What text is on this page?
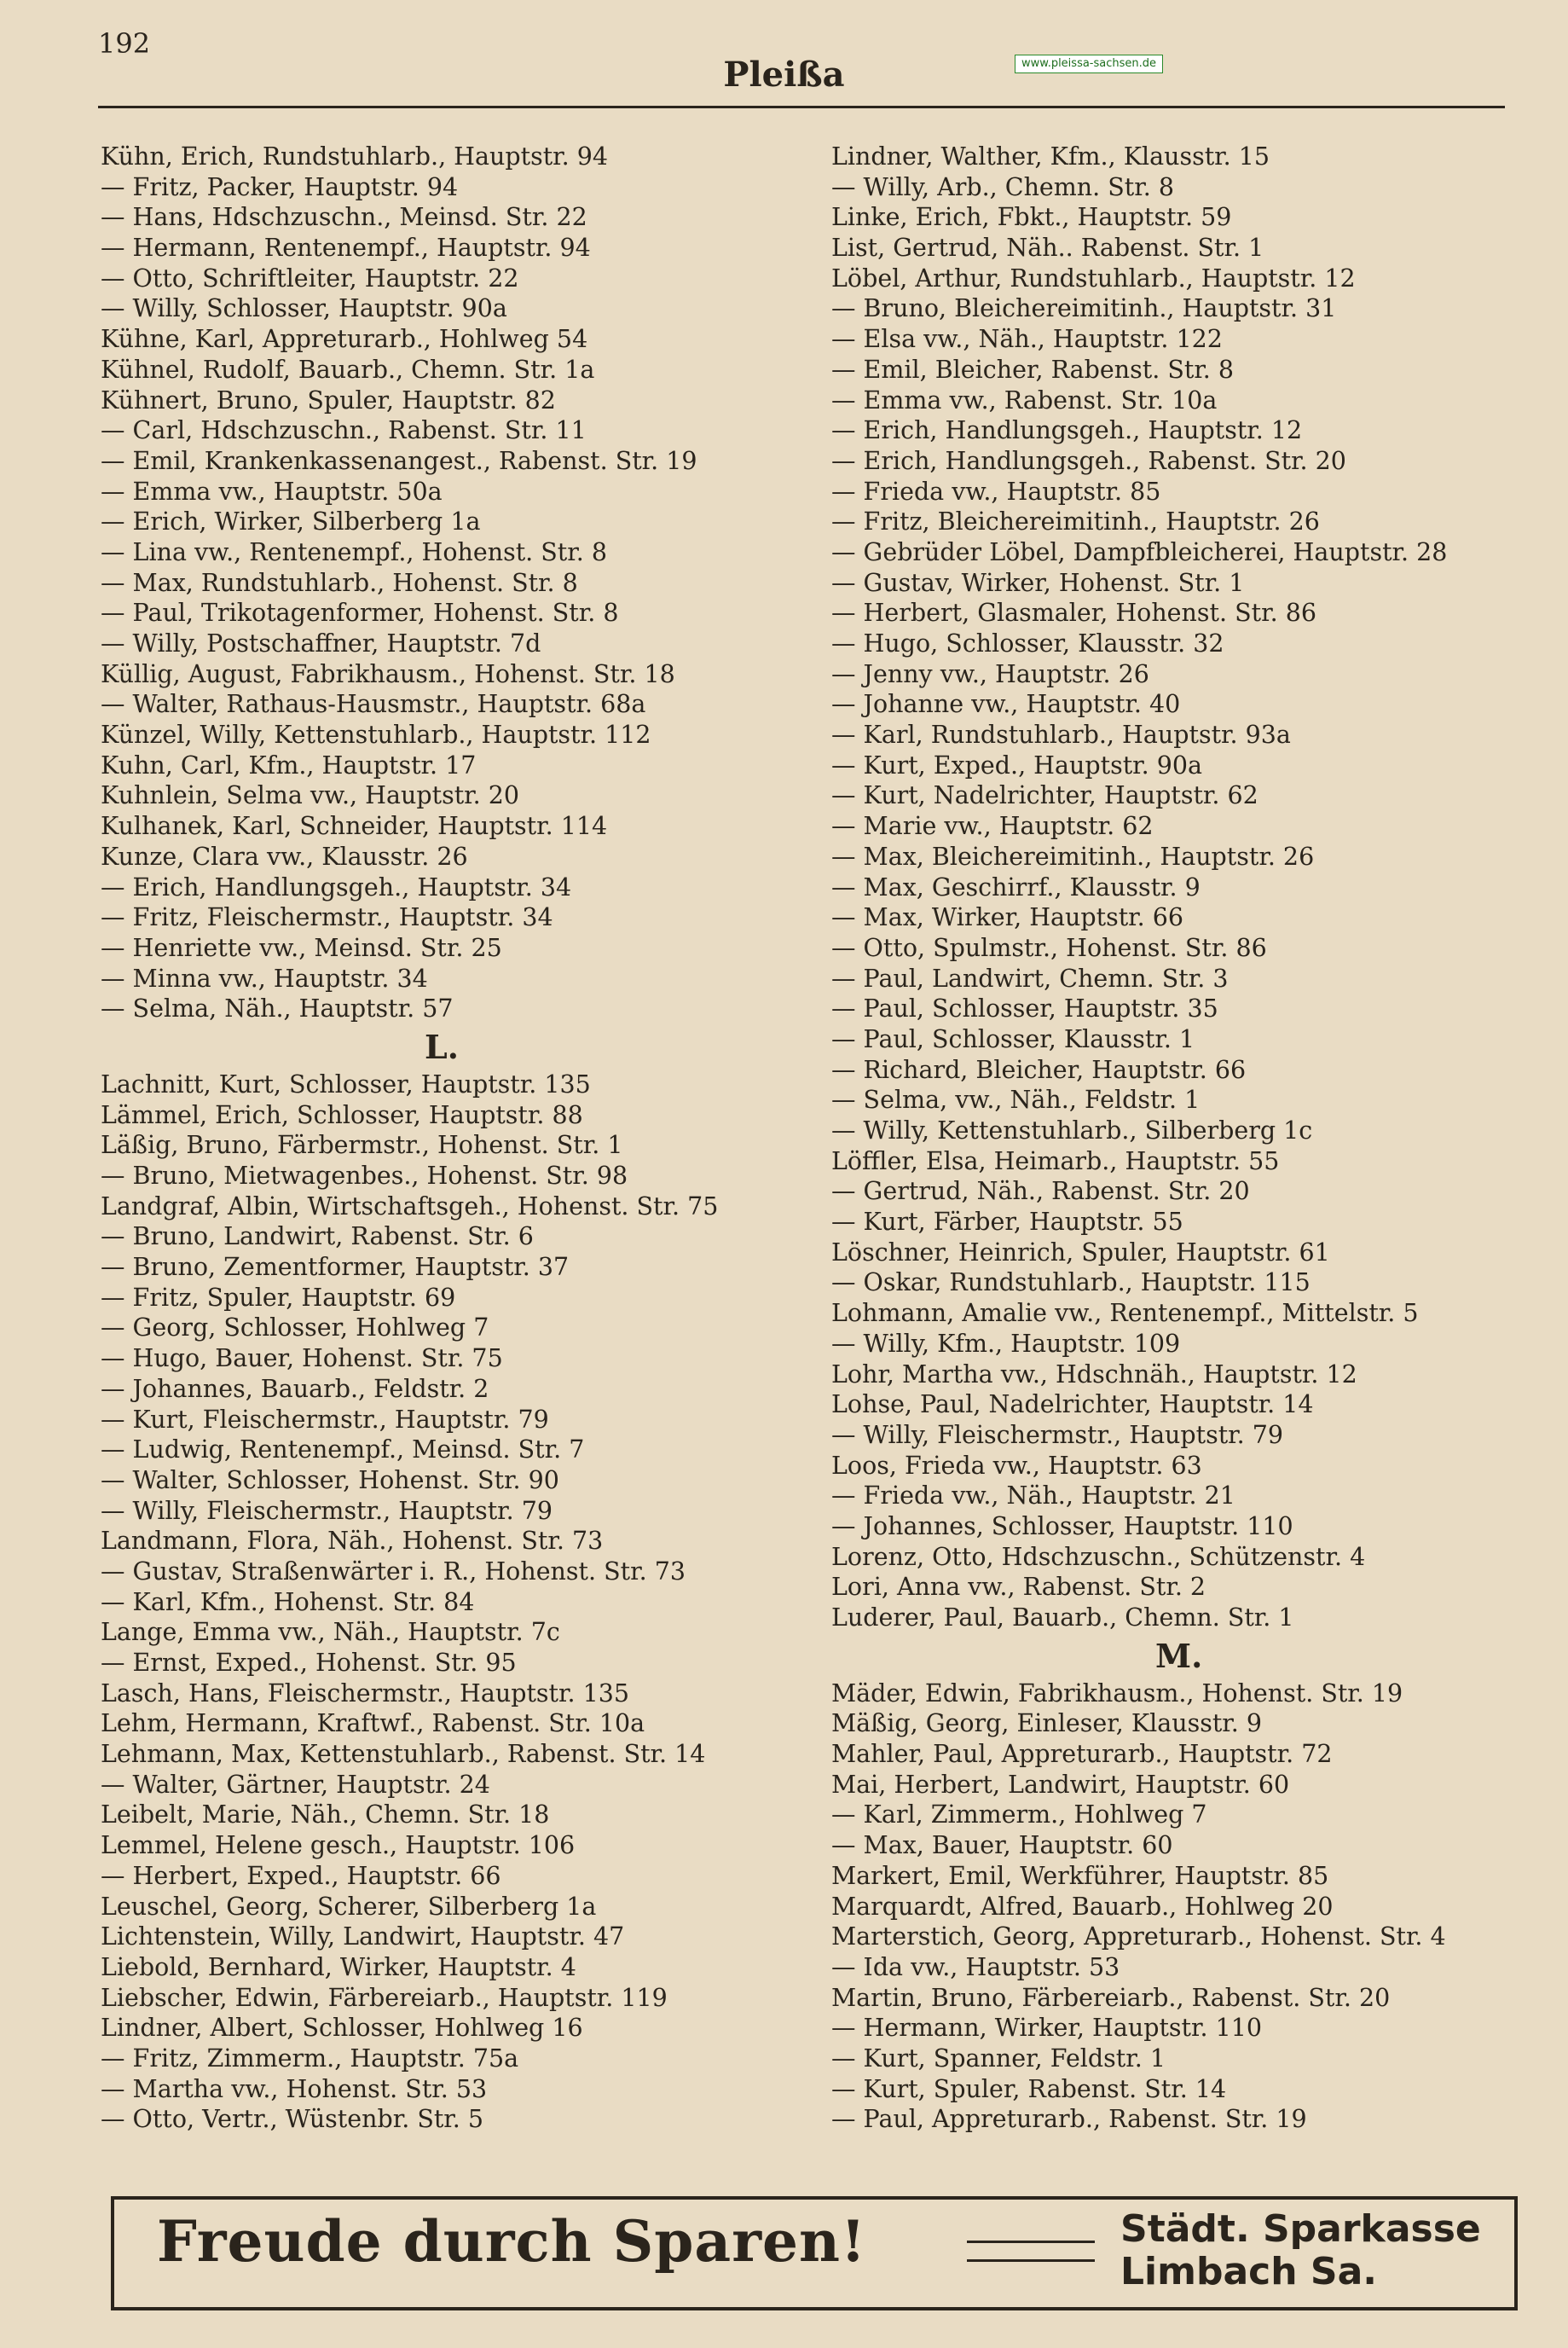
192
Pleißa	www.pleissa-sachsen.de
Kühn, Erich, Rundstuhlarb., Hauptstr. 94
— Fritz, Packer, Hauptstr. 94
— Hans, Hdschzuschn., Meinsd. Str. 22
— Hermann, Rentenempf., Hauptstr. 94
— Otto, Schriftleiter, Hauptstr. 22
— Willy, Schlosser, Hauptstr. 90a
Kühne, Karl, Appreturarb., Hohlweg 54
Kühnel, Rudolf, Bauarb., Chemn. Str. 1a
Kühnert, Bruno, Spuler, Hauptstr. 82
— Carl, Hdschzuschn., Rabenst. Str. 11
— Emil, Krankenkassenangest., Rabenst. Str. 19
— Emma vw., Hauptstr. 50a
— Erich, Wirker, Silberberg 1a
— Lina vw., Rentenempf., Hohenst. Str. 8
— Max, Rundstuhlarb., Hohenst. Str. 8
— Paul, Trikotagenformer, Hohenst. Str. 8
— Willy, Postschaffner, Hauptstr. 7d
Küllig, August, Fabrikhausm., Hohenst. Str. 18
— Walter, Rathaus-Hausmstr., Hauptstr. 68a
Künzel, Willy, Kettenstuhlarb., Hauptstr. 112
Kuhn, Carl, Kfm., Hauptstr. 17
Kuhnlein, Selma vw., Hauptstr. 20
Kulhanek, Karl, Schneider, Hauptstr. 114
Kunze, Clara vw., Klausstr. 26
— Erich, Handlungsgeh., Hauptstr. 34
— Fritz, Fleischermstr., Hauptstr. 34
— Henriette vw., Meinsd. Str. 25
— Minna vw., Hauptstr. 34
— Selma, Näh., Hauptstr. 57
L.
Lachnitt, Kurt, Schlosser, Hauptstr. 135
Lämmel, Erich, Schlosser, Hauptstr. 88
Läßig, Bruno, Färbermstr., Hohenst. Str. 1
— Bruno, Mietwagenbes., Hohenst. Str. 98
Landgraf, Albin, Wirtschaftsgeh., Hohenst. Str. 75
— Bruno, Landwirt, Rabenst. Str. 6
— Bruno, Zementformer, Hauptstr. 37
— Fritz, Spuler, Hauptstr. 69
— Georg, Schlosser, Hohlweg 7
— Hugo, Bauer, Hohenst. Str. 75
— Johannes, Bauarb., Feldstr. 2
— Kurt, Fleischermstr., Hauptstr. 79
— Ludwig, Rentenempf., Meinsd. Str. 7
— Walter, Schlosser, Hohenst. Str. 90
— Willy, Fleischermstr., Hauptstr. 79
Landmann, Flora, Näh., Hohenst. Str. 73
— Gustav, Straßenwärter i. R., Hohenst. Str. 73
— Karl, Kfm., Hohenst. Str. 84
Lange, Emma vw., Näh., Hauptstr. 7c
— Ernst, Exped., Hohenst. Str. 95
Lasch, Hans, Fleischermstr., Hauptstr. 135
Lehm, Hermann, Kraftwf., Rabenst. Str. 10a
Lehmann, Max, Kettenstuhlarb., Rabenst. Str. 14
— Walter, Gärtner, Hauptstr. 24
Leibelt, Marie, Näh., Chemn. Str. 18
Lemmel, Helene gesch., Hauptstr. 106
— Herbert, Exped., Hauptstr. 66
Leuschel, Georg, Scherer, Silberberg 1a
Lichtenstein, Willy, Landwirt, Hauptstr. 47
Liebold, Bernhard, Wirker, Hauptstr. 4
Liebscher, Edwin, Färbereiarb., Hauptstr. 119
Lindner, Albert, Schlosser, Hohlweg 16
— Fritz, Zimmerm., Hauptstr. 75a
— Martha vw., Hohenst. Str. 53
— Otto, Vertr., Wüstenbr. Str. 5
Lindner, Walther, Kfm., Klausstr. 15
— Willy, Arb., Chemn. Str. 8
Linke, Erich, Fbkt., Hauptstr. 59
List, Gertrud, Näh.. Rabenst. Str. 1
Löbel, Arthur, Rundstuhlarb., Hauptstr. 12
— Bruno, Bleichereimitinh., Hauptstr. 31
— Elsa vw., Näh., Hauptstr. 122
— Emil, Bleicher, Rabenst. Str. 8
— Emma vw., Rabenst. Str. 10a
— Erich, Handlungsgeh., Hauptstr. 12
— Erich, Handlungsgeh., Rabenst. Str. 20
— Frieda vw., Hauptstr. 85
— Fritz, Bleichereimitinh., Hauptstr. 26
— Gebrüder Löbel, Dampfbleicherei, Hauptstr. 28
— Gustav, Wirker, Hohenst. Str. 1
— Herbert, Glasmaler, Hohenst. Str. 86
— Hugo, Schlosser, Klausstr. 32
— Jenny vw., Hauptstr. 26
— Johanne vw., Hauptstr. 40
— Karl, Rundstuhlarb., Hauptstr. 93a
— Kurt, Exped., Hauptstr. 90a
— Kurt, Nadelrichter, Hauptstr. 62
— Marie vw., Hauptstr. 62
— Max, Bleichereimitinh., Hauptstr. 26
— Max, Geschirrf., Klausstr. 9
— Max, Wirker, Hauptstr. 66
— Otto, Spulmstr., Hohenst. Str. 86
— Paul, Landwirt, Chemn. Str. 3
— Paul, Schlosser, Hauptstr. 35
— Paul, Schlosser, Klausstr. 1
— Richard, Bleicher, Hauptstr. 66
— Selma, vw., Näh., Feldstr. 1
— Willy, Kettenstuhlarb., Silberberg 1c
Löffler, Elsa, Heimarb., Hauptstr. 55
— Gertrud, Näh., Rabenst. Str. 20
— Kurt, Färber, Hauptstr. 55
Löschner, Heinrich, Spuler, Hauptstr. 61
— Oskar, Rundstuhlarb., Hauptstr. 115
Lohmann, Amalie vw., Rentenempf., Mittelstr. 5
— Willy, Kfm., Hauptstr. 109
Lohr, Martha vw., Hdschnäh., Hauptstr. 12
Lohse, Paul, Nadelrichter, Hauptstr. 14
— Willy, Fleischermstr., Hauptstr. 79
Loos, Frieda vw., Hauptstr. 63
— Frieda vw., Näh., Hauptstr. 21
— Johannes, Schlosser, Hauptstr. 110
Lorenz, Otto, Hdschzuschn., Schützenstr. 4
Lori, Anna vw., Rabenst. Str. 2
Luderer, Paul, Bauarb., Chemn. Str. 1
M.
Mäder, Edwin, Fabrikhausm., Hohenst. Str. 19
Mäßig, Georg, Einleser, Klausstr. 9
Mahler, Paul, Appreturarb., Hauptstr. 72
Mai, Herbert, Landwirt, Hauptstr. 60
— Karl, Zimmerm., Hohlweg 7
— Max, Bauer, Hauptstr. 60
Markert, Emil, Werkführer, Hauptstr. 85
Marquardt, Alfred, Bauarb., Hohlweg 20
Marterstich, Georg, Appreturarb., Hohenst. Str. 4
— Ida vw., Hauptstr. 53
Martin, Bruno, Färbereiarb., Rabenst. Str. 20
— Hermann, Wirker, Hauptstr. 110
— Kurt, Spanner, Feldstr. 1
— Kurt, Spuler, Rabenst. Str. 14
— Paul, Appreturarb., Rabenst. Str. 19
Freude durch Sparen!	Städt. Sparkasse
Limbach Sa.
